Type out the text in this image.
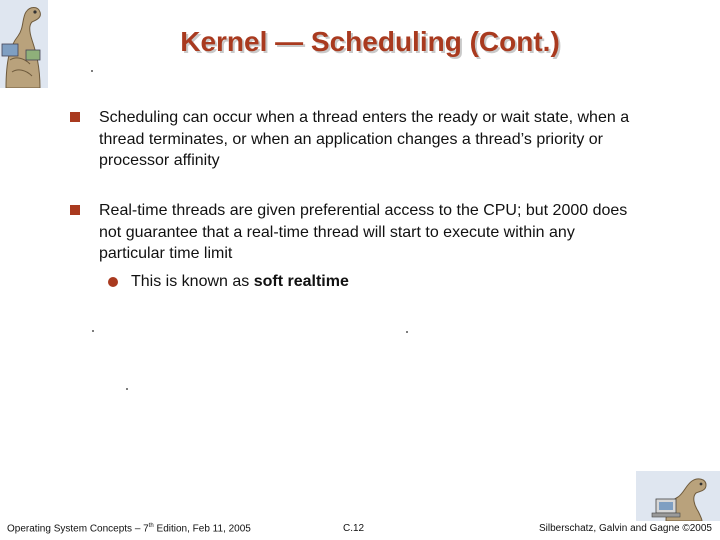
Kernel — Scheduling (Cont.)
Scheduling can occur when a thread enters the ready or wait state, when a thread terminates, or when an application changes a thread’s priority or processor affinity
Real-time threads are given preferential access to the CPU; but 2000 does not guarantee that a real-time thread will start to execute within any particular time limit
This is known as soft realtime
Operating System Concepts – 7th Edition, Feb 11, 2005	C.12	Silberschatz, Galvin and Gagne ©2005
